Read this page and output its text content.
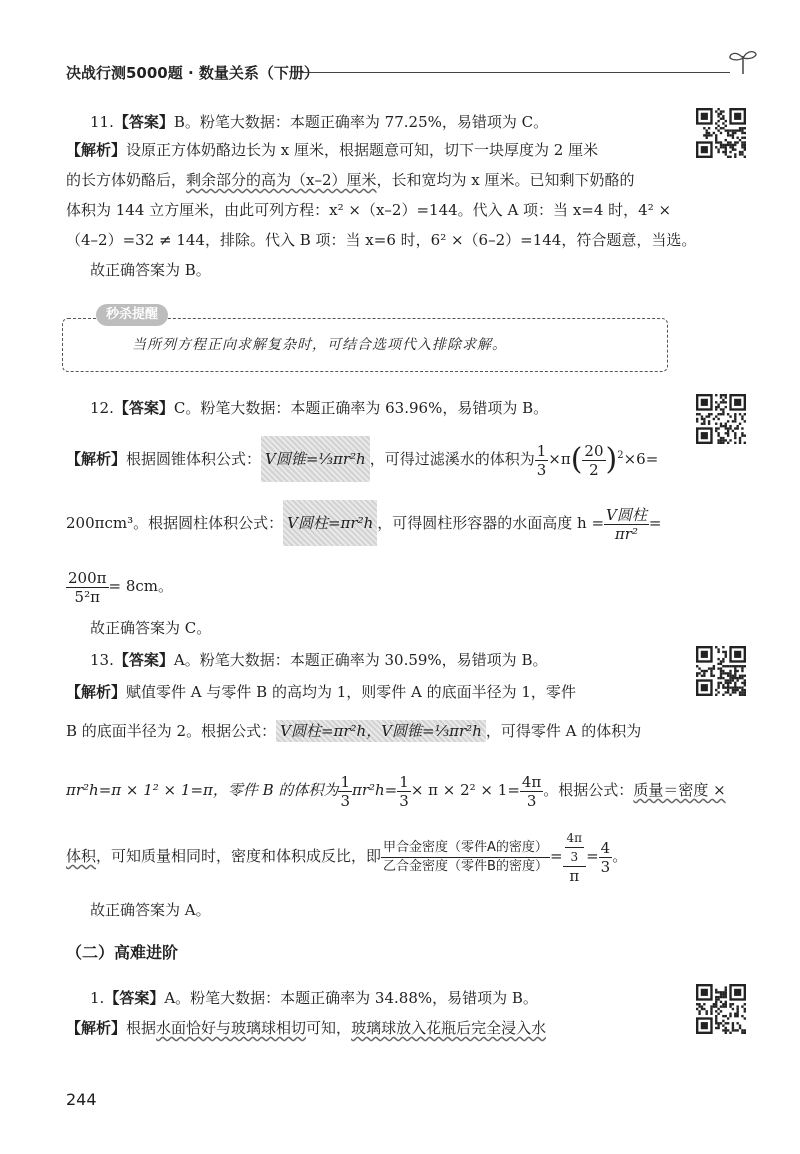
决战行测5000题 · 数量关系（下册）
11.【答案】B。粉笔大数据：本题正确率为 77.25%，易错项为 C。
【解析】设原正方体奶酪边长为 x 厘米，根据题意可知，切下一块厚度为 2 厘米
的长方体奶酪后，剩余部分的高为（x–2）厘米，长和宽均为 x 厘米。已知剩下奶酪的
体积为 144 立方厘米，由此可列方程：x² ×（x–2）=144。代入 A 项：当 x=4 时，4² ×
（4–2）=32 ≠ 144，排除。代入 B 项：当 x=6 时，6² ×（6–2）=144，符合题意，当选。
故正确答案为 B。
秒杀提醒
当所列方程正向求解复杂时，可结合选项代入排除求解。
12.【答案】C。粉笔大数据：本题正确率为 63.96%，易错项为 B。
【解析】根据圆锥体积公式： V圆锥=⅓πr²h ，可得过滤溪水的体积为 $\frac{1}{3} \times\pi( \frac{20}{2} )^2\times 6=$
200πcm³。根据圆柱体积公式： V圆柱=πr²h ，可得圆柱形容器的水面高度 $h = \frac{\text{V圆柱}}{\text{πr²}}$ =
$\frac{200\pi}{\text{5²π}} = 8cm$。
故正确答案为 C。
13.【答案】A。粉笔大数据：本题正确率为 30.59%，易错项为 B。
【解析】赋值零件 A 与零件 B 的高均为 1，则零件 A 的底面半径为 1，零件
B 的底面半径为 2。根据公式： V圆柱=πr²h，V圆锥=⅓πr²h ，可得零件 A 的体积为
πr²h=π × 1² × 1=π，零件 B 的体积为 $\frac{1}{3} \pi r^2h= \frac{1}{3} \times \pi \times 2^2 \times 1= \frac{4\pi}{3}$ 。根据公式：质量＝密度 ×
体积，可知质量相同时，密度和体积成反比，即 $\frac{\text{甲合金密度（零件A的密度）}}{\text{乙合金密度（零件B的密度）}} = \frac{\frac{4\pi}{3}}{\pi} = \frac{4}{3}$ 。
故正确答案为 A。
（二）高难进阶
1.【答案】A。粉笔大数据：本题正确率为 34.88%，易错项为 B。
【解析】根据水面恰好与玻璃球相切可知，玻璃球放入花瓶后完全浸入水
244
